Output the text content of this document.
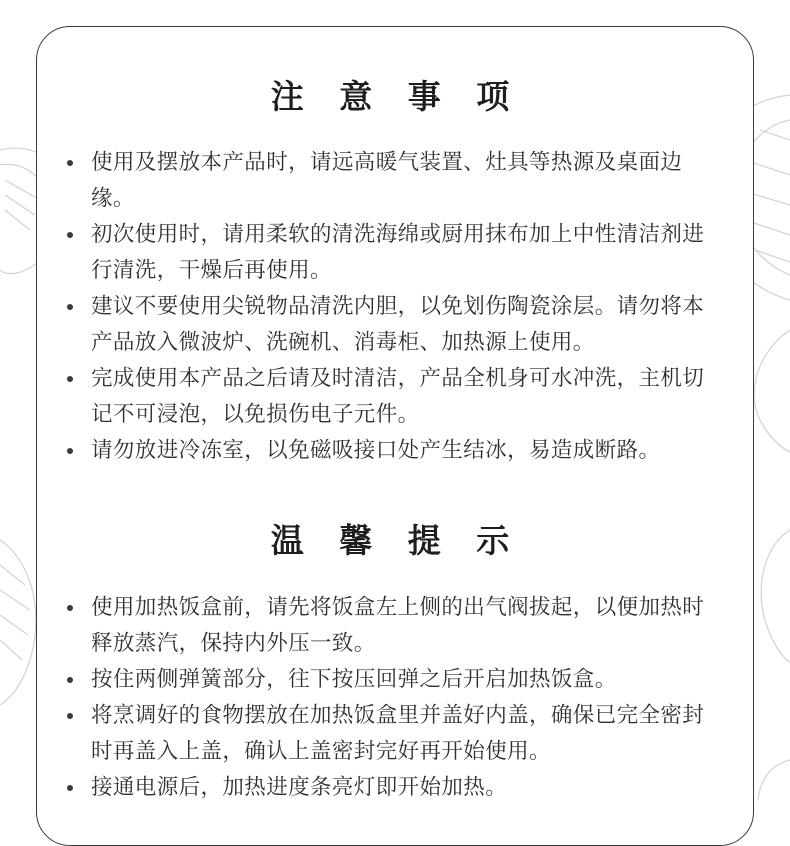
注 意 事 项
使用及摆放本产品时，请远高暖气装置、灶具等热源及桌面边缘。
初次使用时，请用柔软的清洗海绵或厨用抹布加上中性清洁剂进行清洗，干燥后再使用。
建议不要使用尖锐物品清洗内胆，以免划伤陶瓷涂层。请勿将本产品放入微波炉、洗碗机、消毒柜、加热源上使用。
完成使用本产品之后请及时清洁，产品全机身可水冲洗，主机切记不可浸泡，以免损伤电子元件。
请勿放进冷冻室，以免磁吸接口处产生结冰，易造成断路。
温 馨 提 示
使用加热饭盒前，请先将饭盒左上侧的出气阀拔起，以便加热时释放蒸汽，保持内外压一致。
按住两侧弹簧部分，往下按压回弹之后开启加热饭盒。
将烹调好的食物摆放在加热饭盒里并盖好内盖，确保已完全密封时再盖入上盖，确认上盖密封完好再开始使用。
接通电源后，加热进度条亮灯即开始加热。
